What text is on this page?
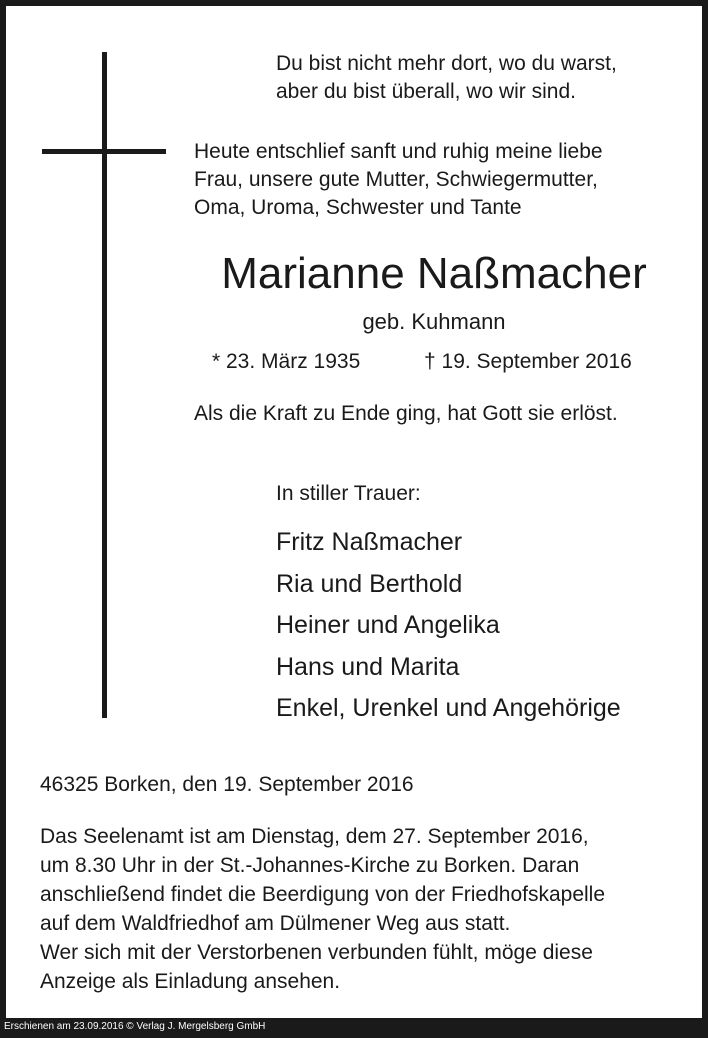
Du bist nicht mehr dort, wo du warst,
aber du bist überall, wo wir sind.
Heute entschlief sanft und ruhig meine liebe
Frau, unsere gute Mutter, Schwiegermutter,
Oma, Uroma, Schwester und Tante
Marianne Naßmacher
geb. Kuhmann
* 23. März 1935	† 19. September 2016
Als die Kraft zu Ende ging, hat Gott sie erlöst.
In stiller Trauer:
Fritz Naßmacher
Ria und Berthold
Heiner und Angelika
Hans und Marita
Enkel, Urenkel und Angehörige
46325 Borken, den 19. September 2016
Das Seelenamt ist am Dienstag, dem 27. September 2016,
um 8.30 Uhr in der St.-Johannes-Kirche zu Borken. Daran
anschließend findet die Beerdigung von der Friedhofskapelle
auf dem Waldfriedhof am Dülmener Weg aus statt.
Wer sich mit der Verstorbenen verbunden fühlt, möge diese
Anzeige als Einladung ansehen.
Erschienen am 23.09.2016 © Verlag J. Mergelsberg GmbH
